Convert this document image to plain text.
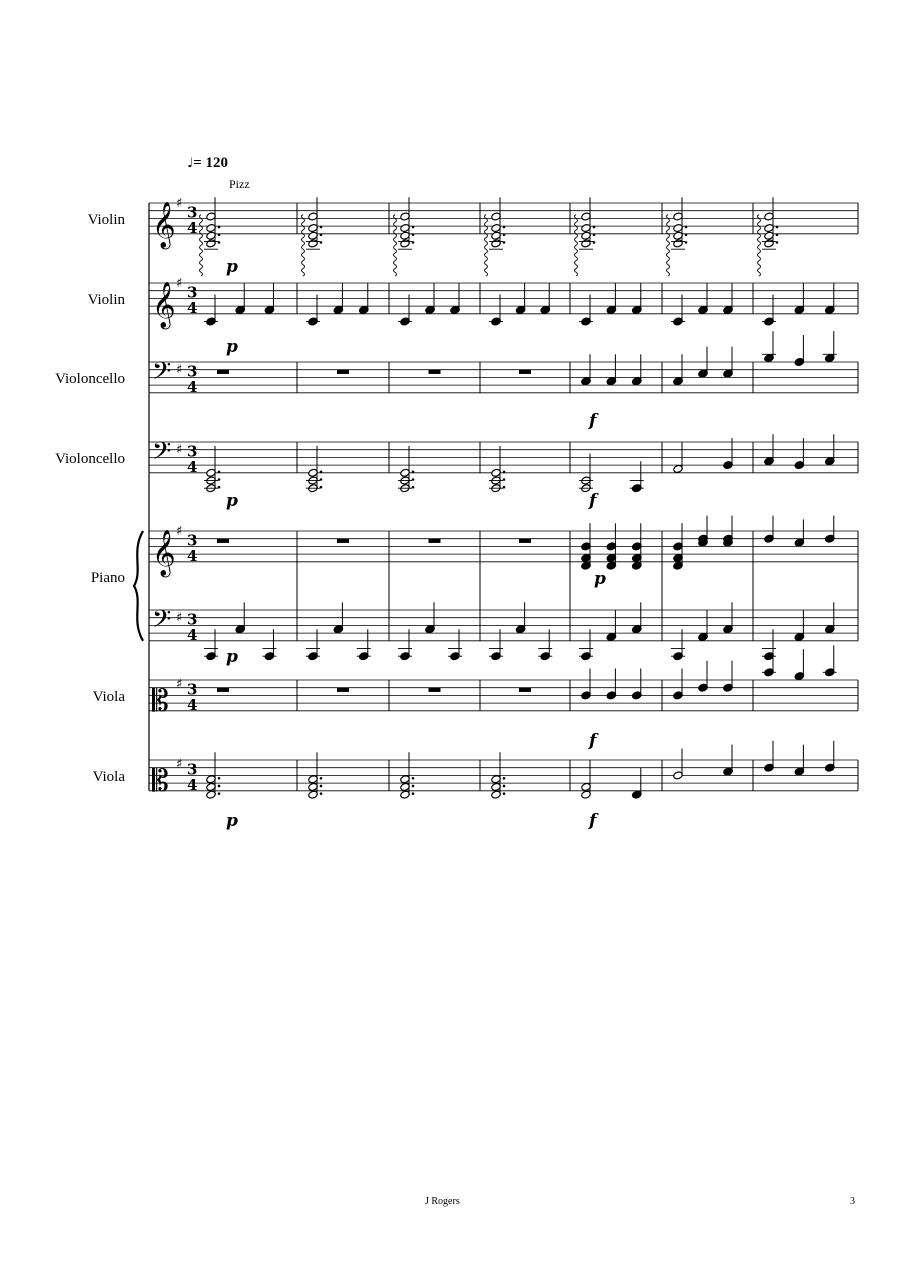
♩= 120
Pizz
Violin
Violin
Violoncello
Violoncello
Piano
Viola
Viola
𝄞 ♯ 3
4
𝄞 ♯ 3
4
𝄢 ♯ 3
4
𝄢 ♯ 3
4
𝄞 ♯ 3
4
𝄢 ♯ 3
4
𝄡 ♯ 3
4
𝄡 ♯ 3
4
p
p
f
p	f
p
p
f
p	f
J Rogers	3
